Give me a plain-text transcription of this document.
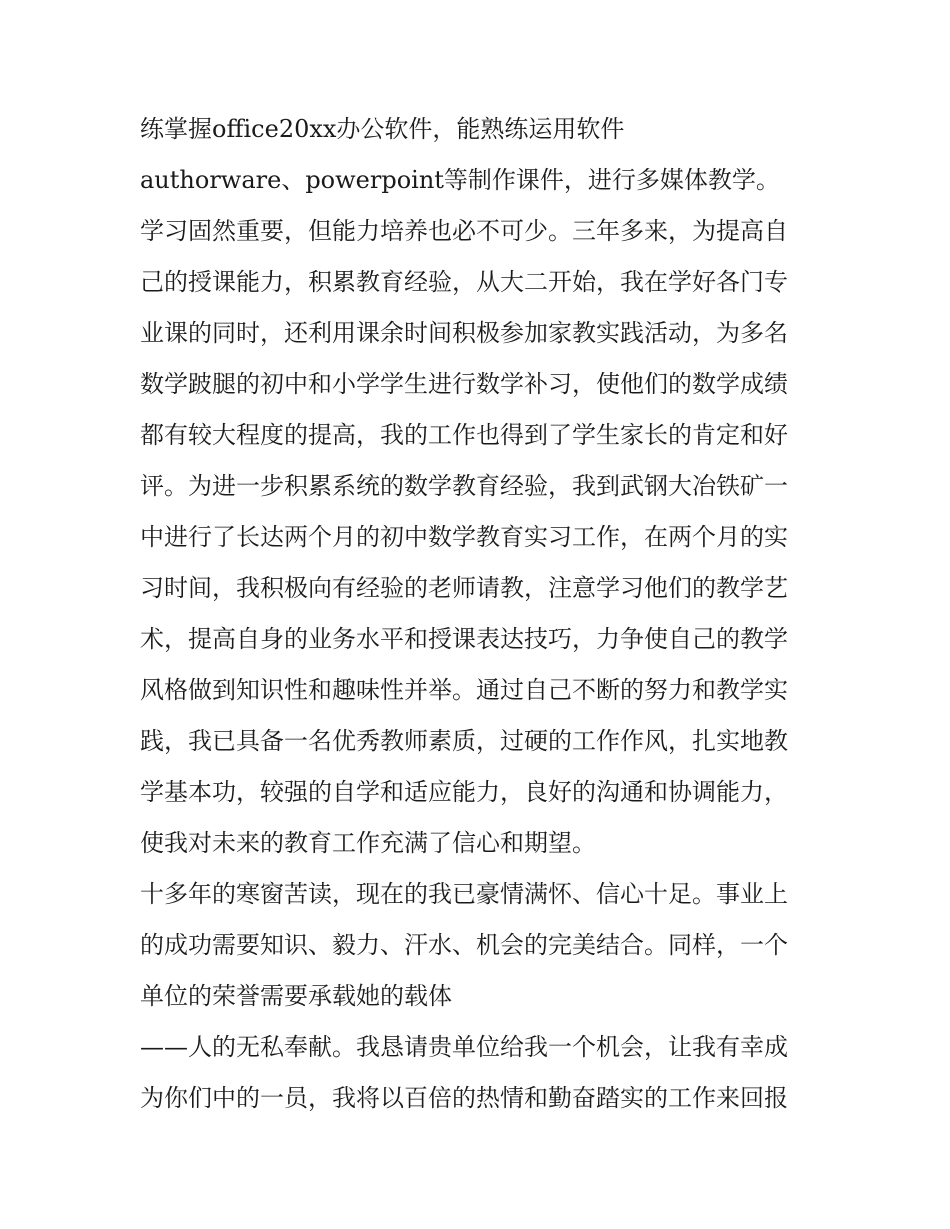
练掌握office20xx办公软件，能熟练运用软件
authorware、powerpoint等制作课件，进行多媒体教学。
学习固然重要，但能力培养也必不可少。三年多来，为提高自
己的授课能力，积累教育经验，从大二开始，我在学好各门专
业课的同时，还利用课余时间积极参加家教实践活动，为多名
数学跛腿的初中和小学学生进行数学补习，使他们的数学成绩
都有较大程度的提高，我的工作也得到了学生家长的肯定和好
评。为进一步积累系统的数学教育经验，我到武钢大冶铁矿一
中进行了长达两个月的初中数学教育实习工作，在两个月的实
习时间，我积极向有经验的老师请教，注意学习他们的教学艺
术，提高自身的业务水平和授课表达技巧，力争使自己的教学
风格做到知识性和趣味性并举。通过自己不断的努力和教学实
践，我已具备一名优秀教师素质，过硬的工作作风，扎实地教
学基本功，较强的自学和适应能力，良好的沟通和协调能力，
使我对未来的教育工作充满了信心和期望。
十多年的寒窗苦读，现在的我已豪情满怀、信心十足。事业上
的成功需要知识、毅力、汗水、机会的完美结合。同样，一个
单位的荣誉需要承载她的载体
——人的无私奉献。我恳请贵单位给我一个机会，让我有幸成
为你们中的一员，我将以百倍的热情和勤奋踏实的工作来回报
